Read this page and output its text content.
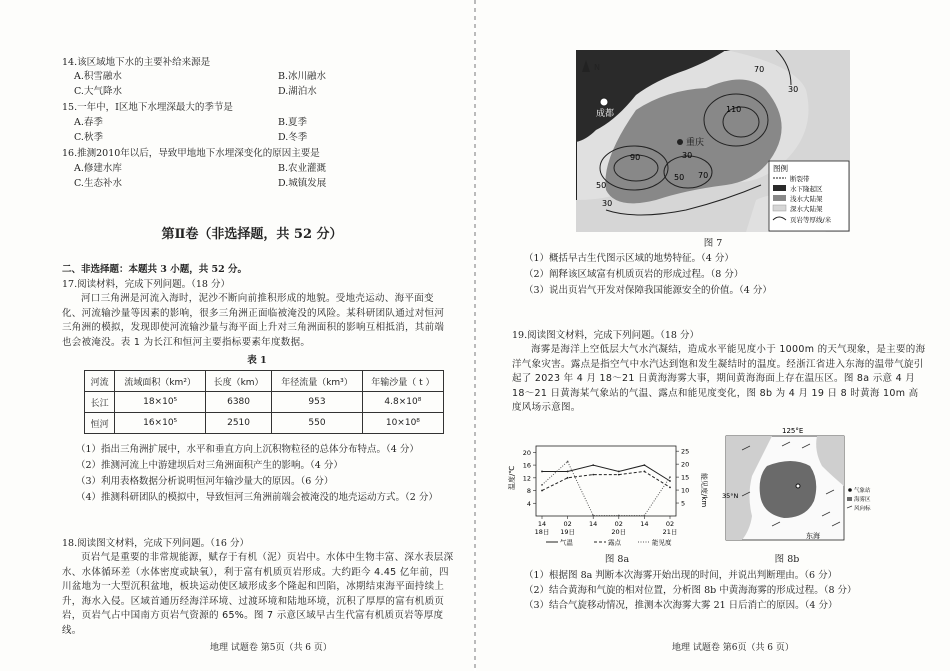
14.该区域地下水的主要补给来源是
A.积雪融水	B.冰川融水
C.大气降水	D.湖泊水
15.一年中，Ⅰ区地下水埋深最大的季节是
A.春季	B.夏季
C.秋季	D.冬季
16.推测2010年以后，导致甲地地下水埋深变化的原因主要是
A.修建水库	B.农业灌溉
C.生态补水	D.城镇发展
第Ⅱ卷（非选择题，共 52 分）
二、非选择题：本题共 3 小题，共 52 分。
17.阅读材料，完成下列问题。（18 分）
河口三角洲是河流入海时，泥沙不断向前推积形成的地貌。受地壳运动、海平面变化、河流输沙量等因素的影响，很多三角洲正面临被淹没的风险。某科研团队通过对恒河三角洲的模拟，发现即使河流输沙量与海平面上升对三角洲面积的影响互相抵消，其前端也会被淹没。表 1 为长江和恒河主要指标要素年度数据。
表 1
河流	流域面积（km²）	长度（km）	年径流量（km³）	年输沙量（ t ）
长江	18×10⁵	6380	953	4.8×10⁸
恒河	16×10⁵	2510	550	10×10⁸
（1）指出三角洲扩展中，水平和垂直方向上沉积物粒径的总体分布特点。（4 分）
（2）推测河流上中游建坝后对三角洲面积产生的影响。（4 分）
（3）利用表格数据分析说明恒河年输沙量大的原因。（6 分）
（4）推测科研团队的模拟中，导致恒河三角洲前端会被淹没的地壳运动方式。（2 分）
18.阅读图文材料，完成下列问题。（16 分）
页岩气是重要的非常规能源，赋存于有机（泥）页岩中。水体中生物丰富、深水表层深水、水体循环差（水体密度或缺氧），利于富有机质页岩形成。大约距今 4.45 亿年前，四川盆地为一大型沉积盆地，板块运动使区域形成多个隆起和凹陷，冰期结束海平面持续上升，海水入侵。区域首通历经海洋环境、过渡环境和陆地环境，沉积了厚厚的富有机质页岩，页岩气占中国南方页岩气资源的 65%。图 7 示意区域早古生代富有机质页岩等厚度线。
地理 试题卷 第5页（共 6 页）
N
成都
重庆
70
30
110
30
70
50
90
50
30
图例
断裂带
水下隆起区
浅水大陆架
深水大陆架
页岩等厚线/米
图 7
（1）概括早古生代图示区域的地势特征。（4 分）
（2）阐释该区域富有机质页岩的形成过程。（8 分）
（3）说出页岩气开发对保障我国能源安全的价值。（4 分）
19.阅读图文材料，完成下列问题。（18 分）
海雾是海洋上空低层大气水汽凝结，造成水平能见度小于 1000m 的天气现象，是主要的海洋气象灾害。露点是指空气中水汽达到饱和发生凝结时的温度。经浙江省进入东海的温带气旋引起了 2023 年 4 月 18～21 日黄海海雾大事，期间黄海海面上存在温压区。图 8a 示意 4 月 18～21 日黄海某气象站的气温、露点和能见度变化，图 8b 为 4 月 19 日 8 时黄海 10m 高度风场示意图。
温度/℃	能见度/km
20
16
12
8
4
25
20
15
10
5
14
18日
02
19日
14	02
20日
14	02
21日
气温	露点	能见度
图 8a
125°E
35°N
东海
气象站
海雾区
风向标
图 8b
（1）根据图 8a 判断本次海雾开始出现的时间，并说出判断理由。（6 分）
（2）结合黄海和气旋的相对位置，分析图 8b 中黄海海雾的形成过程。（8 分）
（3）结合气旋移动情况，推测本次海雾大雾 21 日后消亡的原因。（4 分）
地理 试题卷 第6页（共 6 页）
